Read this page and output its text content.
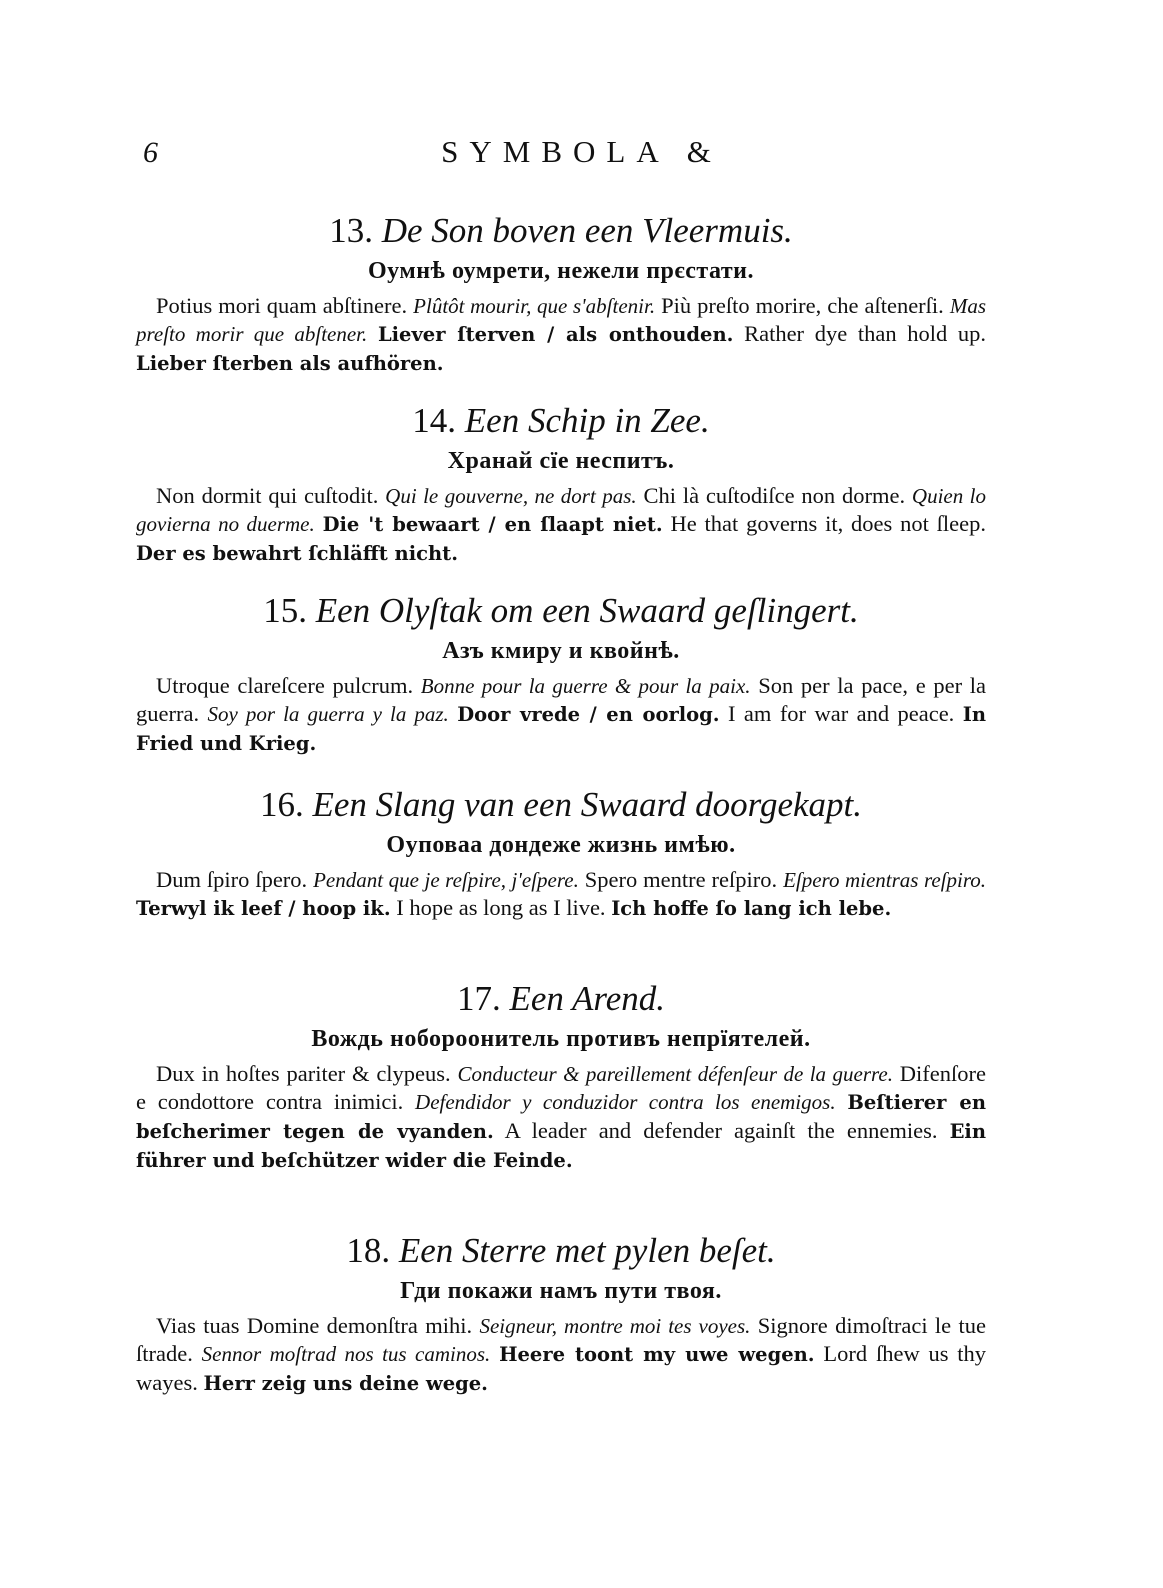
6	SYMBOLA &
13. De Son boven een Vleermuis.
Оумнѣ оумрети, нежели прєстати.

Potius mori quam abſtinere. Plûtôt mourir, que s'abſtenir. Più preſto morire, che aſtenerſi. Mas preſto morir que abſtener. Liever ſterven / als onthouden. Rather dye than hold up. Lieber ſterben als aufhören.

14. Een Schip in Zee.
Хранай сїе неспитъ.

Non dormit qui cuſtodit. Qui le gouverne, ne dort pas. Chi là cuſtodiſce non dorme. Quien lo govierna no duerme. Die 't bewaart / en ſlaapt niet. He that governs it, does not ſleep. Der es bewahrt ſchläfft nicht.

15. Een Olyſtak om een Swaard geſlingert.
Азъ кмиру и квойнѣ.

Utroque clareſcere pulcrum. Bonne pour la guerre & pour la paix. Son per la pace, e per la guerra. Soy por la guerra y la paz. Door vrede / en oorlog. I am for war and peace. In Fried und Krieg.

16. Een Slang van een Swaard doorgekapt.
Оуповаа дондеже жизнь имѣю.

Dum ſpiro ſpero. Pendant que je reſpire, j'eſpere. Spero mentre reſpiro. Eſpero mientras reſpiro. Terwyl ik leef / hoop ik. I hope as long as I live. Ich hoffe ſo lang ich lebe.

17. Een Arend.
Вождь нобороонитель противъ непрїятелей.

Dux in hoſtes pariter & clypeus. Conducteur & pareillement défenſeur de la guerre. Difenſore e condottore contra inimici. Defendidor y conduzidor contra los enemigos. Beſtierer en beſcherimer tegen de vyanden. A leader and defender againſt the ennemies. Ein führer und beſchützer wider die Feinde.

18. Een Sterre met pylen beſet.
Гди покажи намъ пути твоя.

Vias tuas Domine demonſtra mihi. Seigneur, montre moi tes voyes. Signore dimoſtraci le tue ſtrade. Sennor moſtrad nos tus caminos. Heere toont my uwe wegen. Lord ſhew us thy wayes. Herr zeig uns deine wege.
